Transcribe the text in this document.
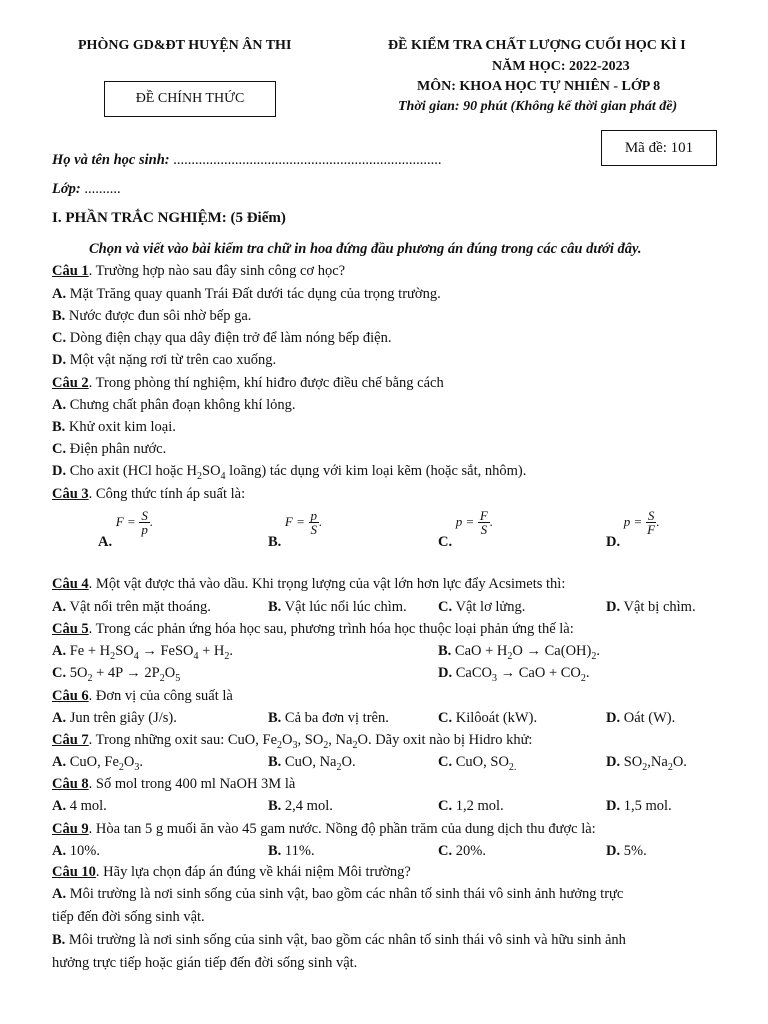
PHÒNG GD&ĐT HUYỆN ÂN THI
ĐỀ CHÍNH THỨC
ĐỀ KIỂM TRA CHẤT LƯỢNG CUỐI HỌC KÌ I
NĂM HỌC: 2022-2023
MÔN: KHOA HỌC TỰ NHIÊN - LỚP 8
Thời gian: 90 phút (Không kể thời gian phát đề)
Mã đề: 101
Họ và tên học sinh: ..........................................................................
Lớp: ..........
I. PHẦN TRẮC NGHIỆM: (5 Điểm)
Chọn và viết vào bài kiểm tra chữ in hoa đứng đầu phương án đúng trong các câu dưới đây.
Câu 1. Trường hợp nào sau đây sinh công cơ học?
A. Mặt Trăng quay quanh Trái Đất dưới tác dụng của trọng trường.
B. Nước được đun sôi nhờ bếp ga.
C. Dòng điện chạy qua dây điện trở để làm nóng bếp điện.
D. Một vật nặng rơi từ trên cao xuống.
Câu 2. Trong phòng thí nghiệm, khí hiđro được điều chế bằng cách
A. Chưng chất phân đoạn không khí lỏng.
B. Khử oxit kim loại.
C. Điện phân nước.
D. Cho axit (HCl hoặc $H_2SO_4$ loãng) tác dụng với kim loại kẽm (hoặc sắt, nhôm).
Câu 3. Công thức tính áp suất là:
A. $F = \frac{S}{p}$ .
B. $F = \frac{p}{S}$ .
C. $p = \frac{F}{S}$ .
D. $p = \frac{S}{F}$ .
Câu 4. Một vật được thả vào dầu. Khi trọng lượng của vật lớn hơn lực đẩy Acsimets thì:
A. Vật nổi trên mặt thoáng.	B. Vật lúc nổi lúc chìm. C. Vật lơ lửng.	D. Vật bị chìm.
Câu 5. Trong các phản ứng hóa học sau, phương trình hóa học thuộc loại phản ứng thế là:
A. $Fe + H_2SO_4$ → FeSO$_4$ + $H_2$.	B. CaO + $H_2O \to Ca(OH)_2$.
C. $5O_2 + 4P \to 2P_2O_5$	D. CaCO$_3$ → CaO + $CO_2$.
Câu 6. Đơn vị của công suất là
A. Jun trên giây (J/s).	B. Cả ba đơn vị trên.	C. Kilôoát (kW).	D. Oát (W).
Câu 7. Trong những oxit sau: CuO, $Fe_2O_3$, $SO_2$, $Na_2O$. Dãy oxit nào bị Hidro khử:
A. CuO, $Fe_2O_3$.	B. CuO, $Na_2O$.	C. CuO, $SO_{2.}$	D. $SO_2,Na_2O$.
Câu 8. Số mol trong 400 ml NaOH 3M là
A. 4 mol.	B. 2,4 mol.	C. 1,2 mol.	D. 1,5 mol.
Câu 9. Hòa tan 5 g muối ăn vào 45 gam nước. Nồng độ phần trăm của dung dịch thu được là:
A. 10%.	B. 11%.	C. 20%.	D. 5%.
Câu 10. Hãy lựa chọn đáp án đúng về khái niệm Môi trường?
A. Môi trường là nơi sinh sống của sinh vật, bao gồm các nhân tố sinh thái vô sinh ảnh hưởng trực
tiếp đến đời sống sinh vật.
B. Môi trường là nơi sinh sống của sinh vật, bao gồm các nhân tố sinh thái vô sinh và hữu sinh ảnh
hưởng trực tiếp hoặc gián tiếp đến đời sống sinh vật.
